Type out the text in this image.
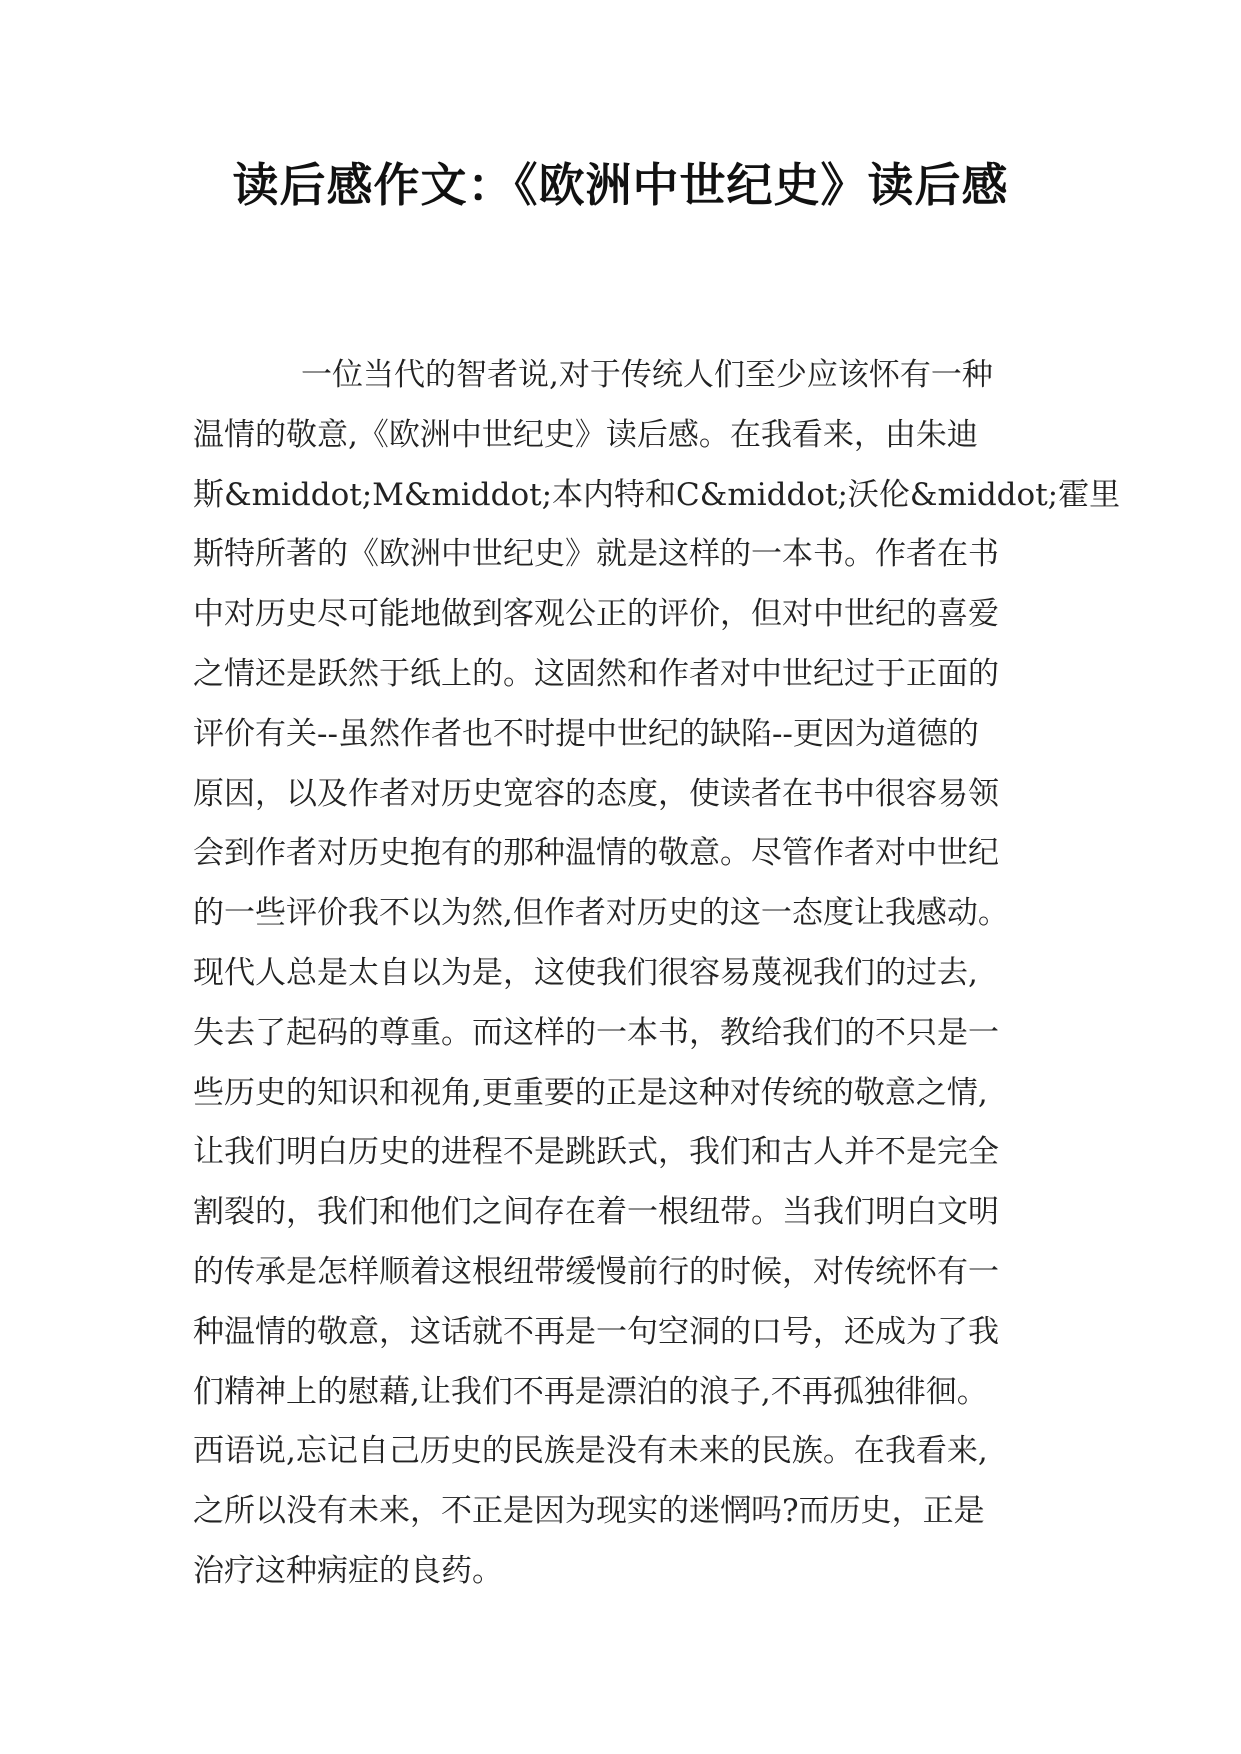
读后感作文：《欧洲中世纪史》读后感
一位当代的智者说,对于传统人们至少应该怀有一种
温情的敬意,《欧洲中世纪史》读后感。在我看来，由朱迪
斯&middot;M&middot;本内特和C&middot;沃伦&middot;霍里
斯特所著的《欧洲中世纪史》就是这样的一本书。作者在书
中对历史尽可能地做到客观公正的评价，但对中世纪的喜爱
之情还是跃然于纸上的。这固然和作者对中世纪过于正面的
评价有关--虽然作者也不时提中世纪的缺陷--更因为道德的
原因，以及作者对历史宽容的态度，使读者在书中很容易领
会到作者对历史抱有的那种温情的敬意。尽管作者对中世纪
的一些评价我不以为然,但作者对历史的这一态度让我感动。
现代人总是太自以为是，这使我们很容易蔑视我们的过去,
失去了起码的尊重。而这样的一本书，教给我们的不只是一
些历史的知识和视角,更重要的正是这种对传统的敬意之情,
让我们明白历史的进程不是跳跃式，我们和古人并不是完全
割裂的，我们和他们之间存在着一根纽带。当我们明白文明
的传承是怎样顺着这根纽带缓慢前行的时候，对传统怀有一
种温情的敬意，这话就不再是一句空洞的口号，还成为了我
们精神上的慰藉,让我们不再是漂泊的浪子,不再孤独徘徊。
西语说,忘记自己历史的民族是没有未来的民族。在我看来,
之所以没有未来，不正是因为现实的迷惘吗?而历史，正是
治疗这种病症的良药。
